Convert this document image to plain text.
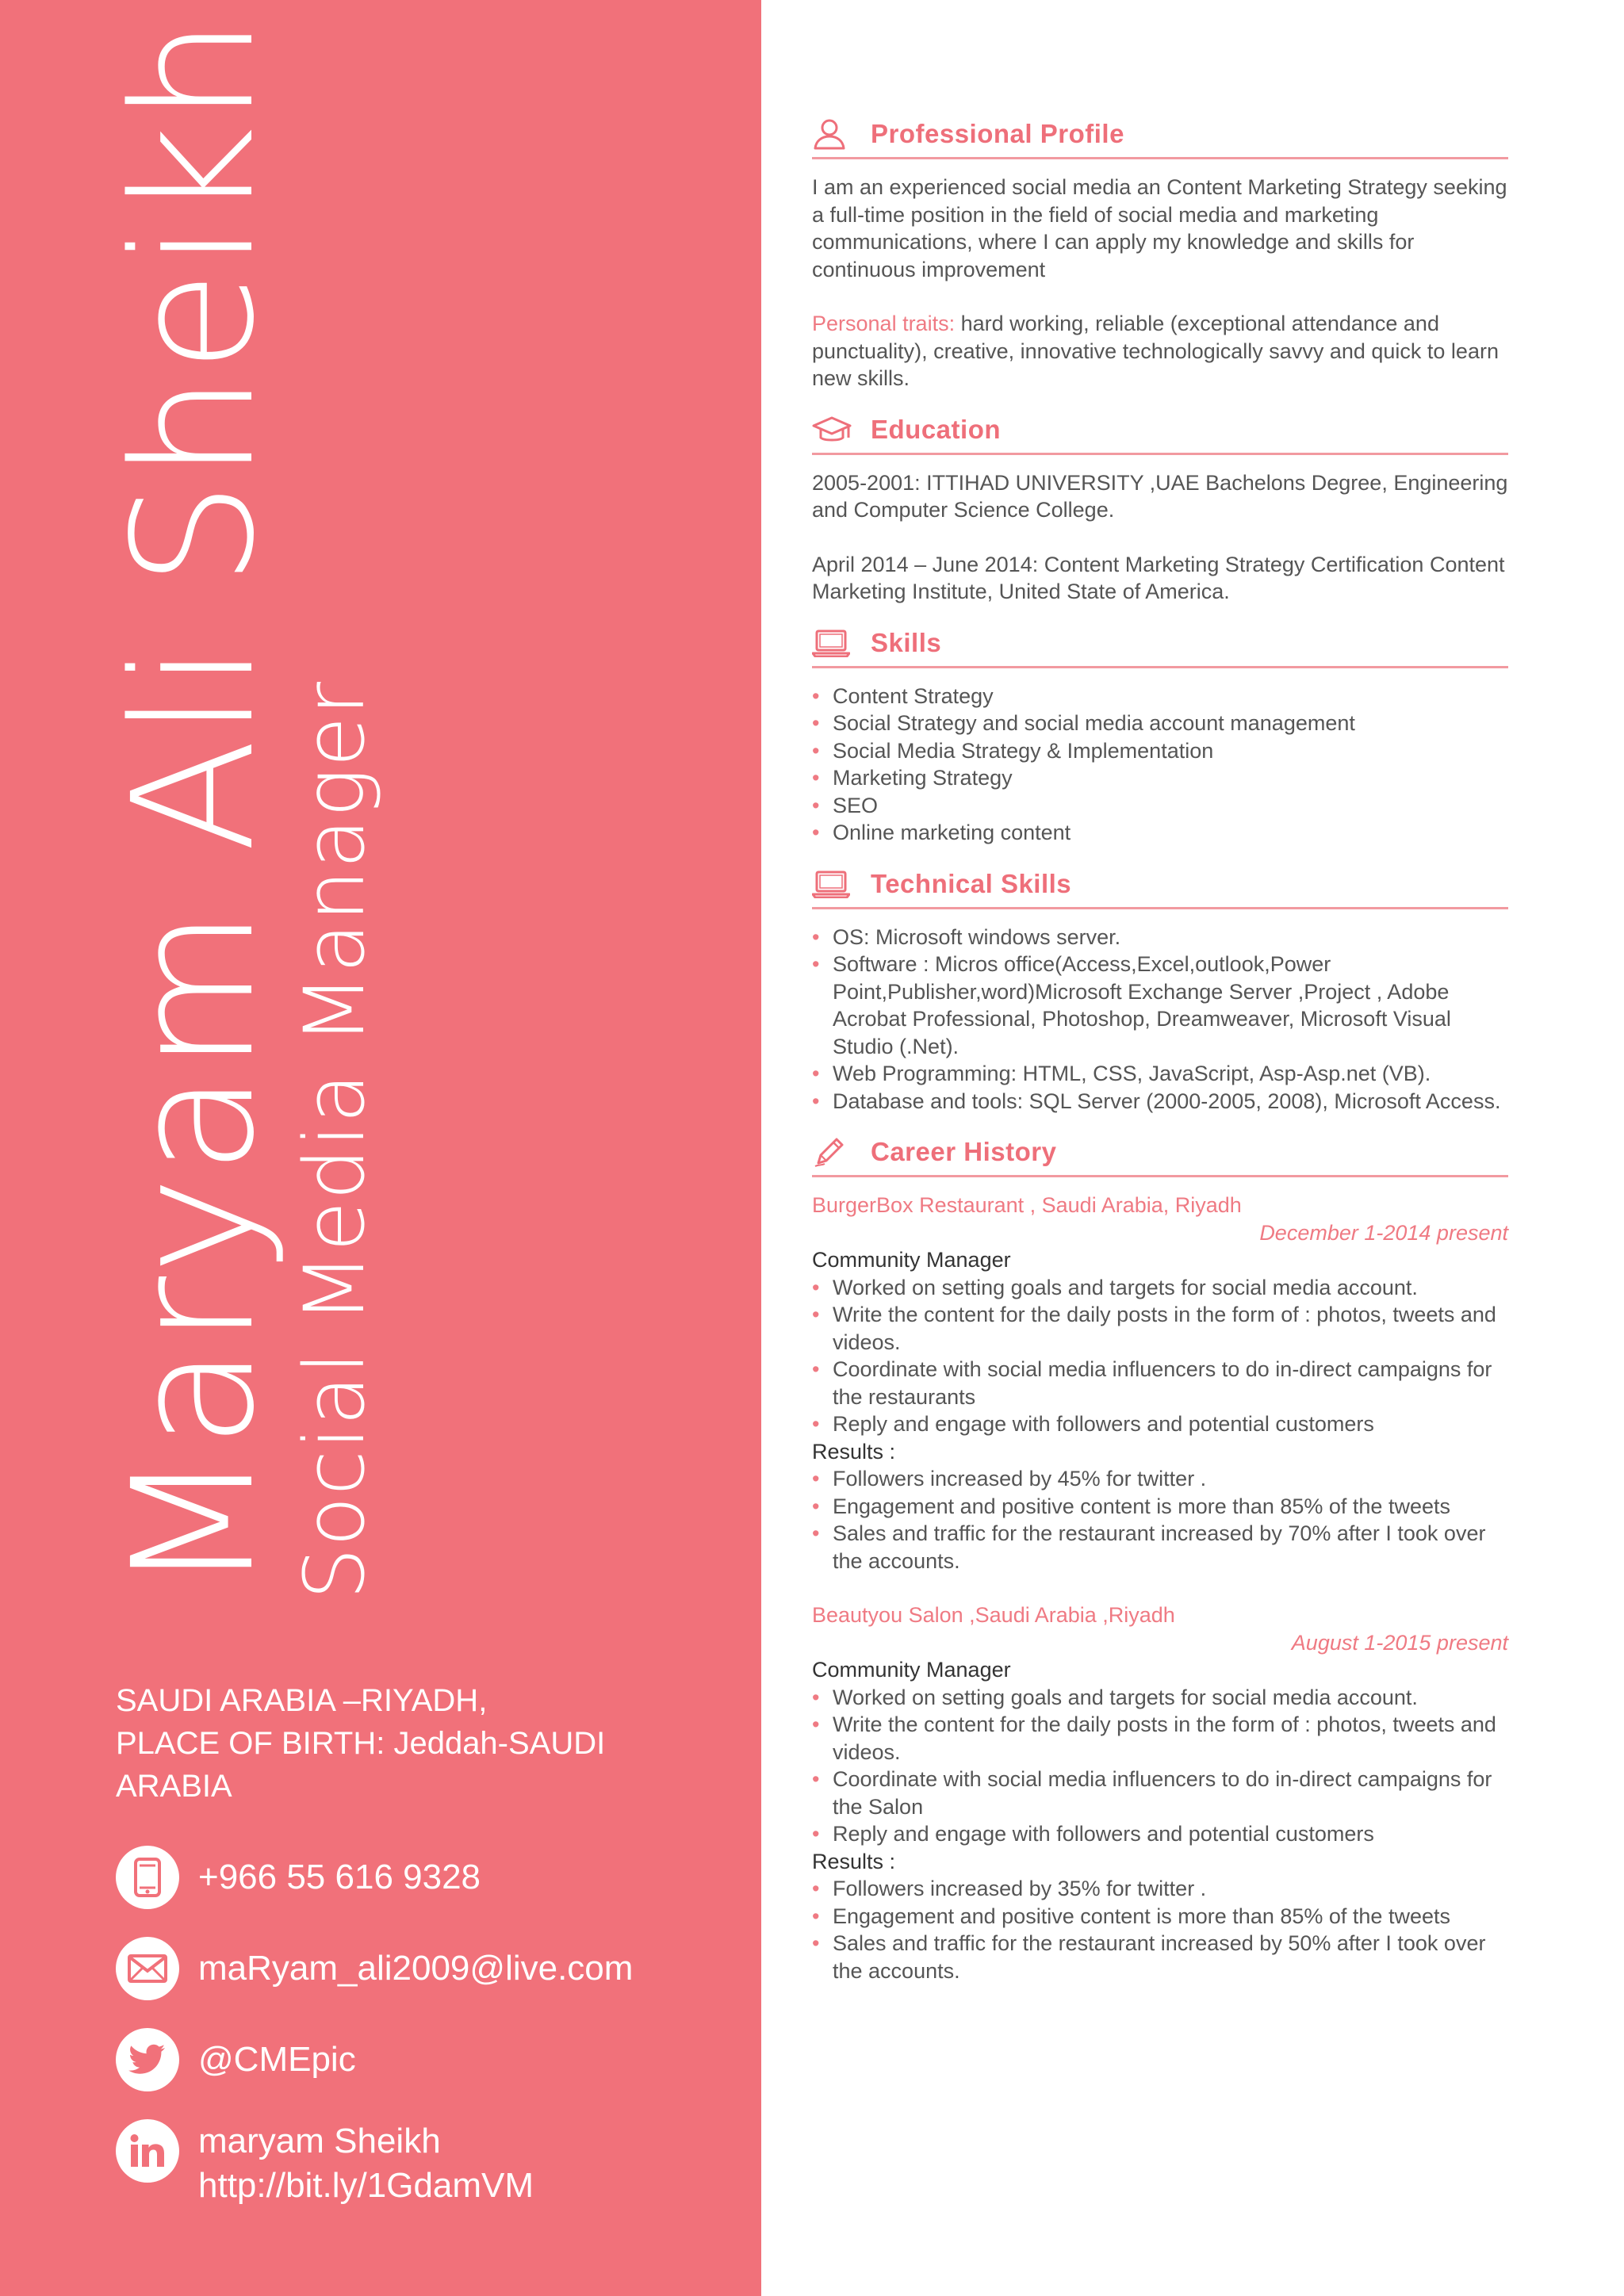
Maryam Ali Sheikh
Social Media Manager
SAUDI ARABIA –RIYADH,
PLACE OF BIRTH: Jeddah-SAUDI
ARABIA
+966 55 616 9328
maRyam_ali2009@live.com
@CMEpic
maryam Sheikh
http://bit.ly/1GdamVM
Professional Profile

I am an experienced social media an Content Marketing Strategy seeking a full-time position in the field of social media and marketing communications, where I can apply my knowledge and skills for continuous improvement

Personal traits: hard working, reliable (exceptional attendance and punctuality), creative, innovative technologically savvy and quick to learn new skills.

Education

2005-2001: ITTIHAD UNIVERSITY ,UAE Bachelons Degree, Engineering and Computer Science College.

April 2014 – June 2014: Content Marketing Strategy Certification Content Marketing Institute, United State of America.

Skills
• Content Strategy
• Social Strategy and social media account management
• Social Media Strategy & Implementation
• Marketing Strategy
• SEO
• Online marketing content
Technical Skills
• OS: Microsoft windows server.
• Software : Micros office(Access,Excel,outlook,Power Point,Publisher,word)Microsoft Exchange Server ,Project , Adobe Acrobat Professional, Photoshop, Dreamweaver, Microsoft Visual Studio (.Net).
• Web Programming: HTML, CSS, JavaScript, Asp-Asp.net (VB).
• Database and tools: SQL Server (2000-2005, 2008), Microsoft Access.
Career History
BurgerBox Restaurant , Saudi Arabia, Riyadh
December 1-2014 present
Community Manager
• Worked on setting goals and targets for social media account.
• Write the content for the daily posts in the form of : photos, tweets and videos.
• Coordinate with social media influencers to do in-direct campaigns for the restaurants
• Reply and engage with followers and potential customers
Results :
• Followers increased by 45% for twitter .
• Engagement and positive content is more than 85% of the tweets
• Sales and traffic for the restaurant increased by 70% after I took over the accounts.
Beautyou Salon ,Saudi Arabia ,Riyadh
August 1-2015 present
Community Manager
• Worked on setting goals and targets for social media account.
• Write the content for the daily posts in the form of : photos, tweets and videos.
• Coordinate with social media influencers to do in-direct campaigns for the Salon
• Reply and engage with followers and potential customers
Results :
• Followers increased by 35% for twitter .
• Engagement and positive content is more than 85% of the tweets
• Sales and traffic for the restaurant increased by 50% after I took over the accounts.
